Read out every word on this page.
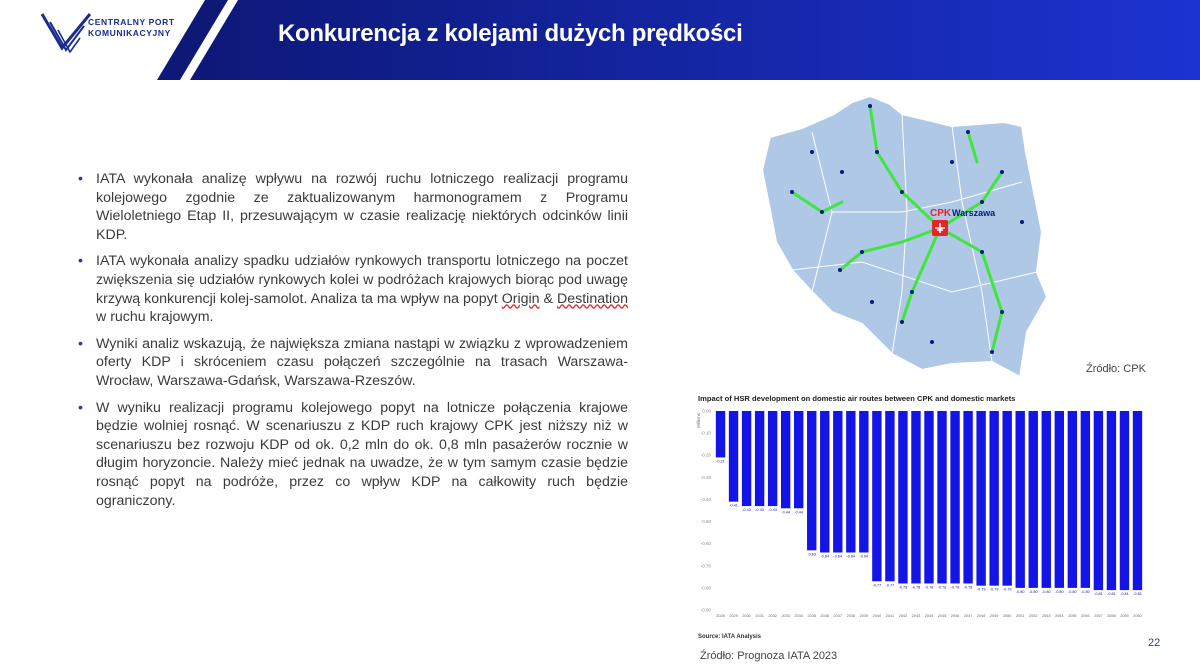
CENTRALNY PORT
KOMUNIKACYJNY	Konkurencja z kolejami dużych prędkości
• IATA wykonała analizę wpływu na rozwój ruchu lotniczego realizacji programu kolejowego zgodnie ze zaktualizowanym harmonogramem z Programu Wieloletniego Etap II, przesuwającym w czasie realizację niektórych odcinków linii KDP.
• IATA wykonała analizy spadku udziałów rynkowych transportu lotniczego na poczet zwiększenia się udziałów rynkowych kolei w podróżach krajowych biorąc pod uwagę krzywą konkurencji kolej-samolot. Analiza ta ma wpływ na popyt Origin & Destination w ruchu krajowym.
• Wyniki analiz wskazują, że największa zmiana nastąpi w związku z wprowadzeniem oferty KDP i skróceniem czasu połączeń szczególnie na trasach Warszawa-Wrocław, Warszawa-Gdańsk, Warszawa-Rzeszów.
• W wyniku realizacji programu kolejowego popyt na lotnicze połączenia krajowe będzie wolniej rosnąć. W scenariuszu z KDP ruch krajowy CPK jest niższy niż w scenariuszu bez rozwoju KDP od ok. 0,2 mln do ok. 0,8 mln pasażerów rocznie w długim horyzoncie. Należy mieć jednak na uwadze, że w tym samym czasie będzie rosnąć popyt na podróże, przez co wpływ KDP na całkowity ruch będzie ograniczony.
CPK Warszawa
Źródło: CPK
Impact of HSR development on domestic air routes between CPK and domestic markets
Millions
0.00
-0.10
-0.20
-0.30
-0.40
-0.50
-0.60
-0.70
-0.80
-0.90
-0.21
2028
-0.41
2029
-0.43
2030
-0.43
2031
-0.43
2032
-0.44
2033
-0.44
2034
-0.63
2035
-0.64
2036
-0.64
2037
-0.64
2038
-0.64
2039
-0.77
2040
-0.77
2041
-0.78
2042
-0.78
2043
-0.78
2044
-0.78
2045
-0.78
2046
-0.78
2047
-0.79
2048
-0.79
2049
-0.79
2050
-0.80
2051
-0.80
2052
-0.80
2053
-0.80
2054
-0.80
2055
-0.80
2056
-0.81
2057
-0.81
2058
-0.81
2059
-0.81
2060
Source: IATA Analysis
Źródło: Prognoza IATA 2023
22
